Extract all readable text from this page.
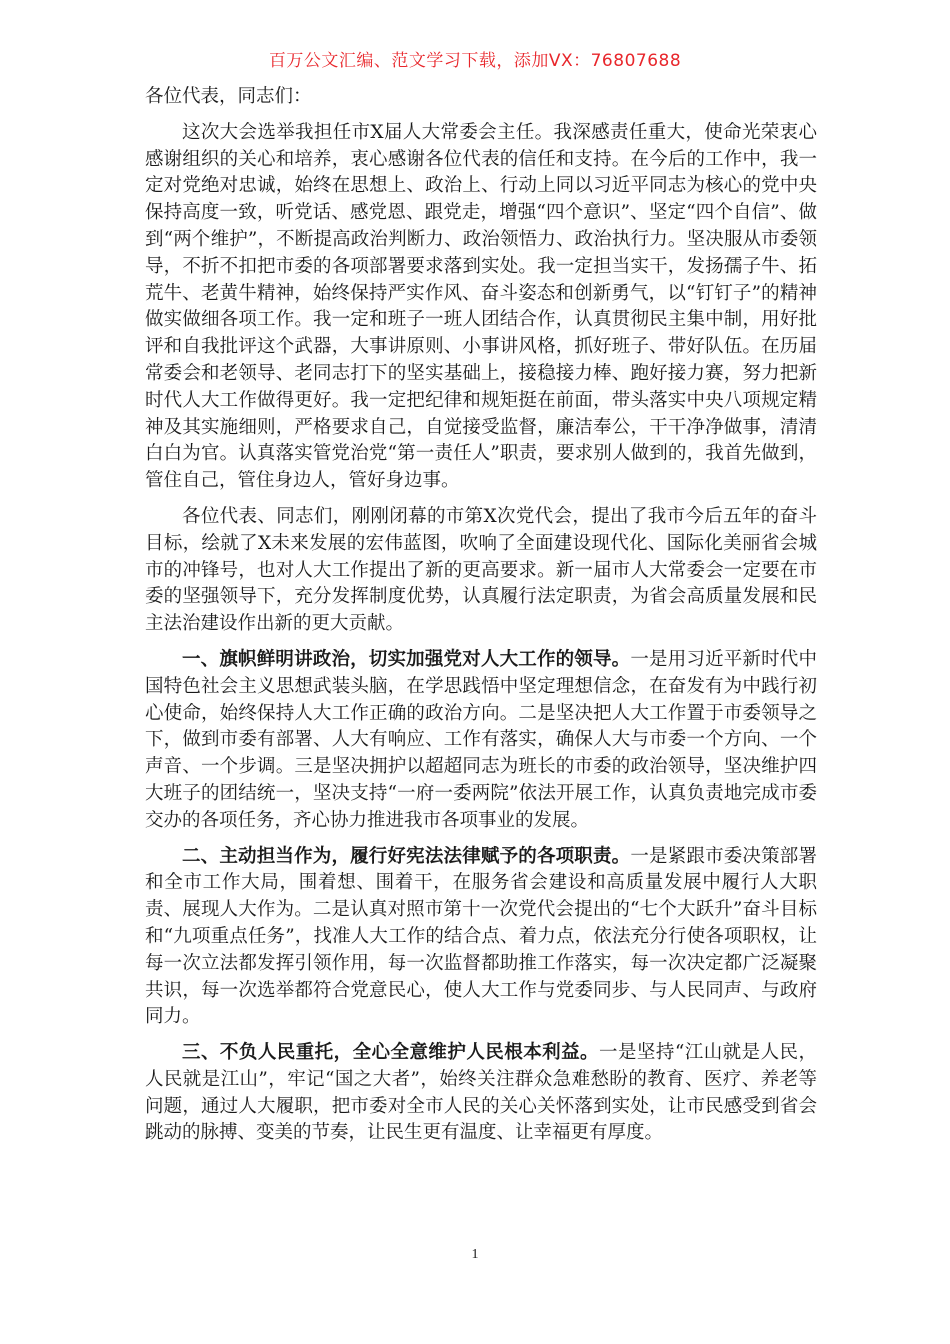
百万公文汇编、范文学习下载，添加VX：76807688

各位代表，同志们：

这次大会选举我担任市X届人大常委会主任。我深感责任重大，使命光荣衷心感谢组织的关心和培养，衷心感谢各位代表的信任和支持。在今后的工作中，我一定对党绝对忠诚，始终在思想上、政治上、行动上同以习近平同志为核心的党中央保持高度一致，听党话、感党恩、跟党走，增强“四个意识”、坚定“四个自信”、做到“两个维护”，不断提高政治判断力、政治领悟力、政治执行力。坚决服从市委领导，不折不扣把市委的各项部署要求落到实处。我一定担当实干，发扬孺子牛、拓荒牛、老黄牛精神，始终保持严实作风、奋斗姿态和创新勇气，以“钉钉子”的精神做实做细各项工作。我一定和班子一班人团结合作，认真贯彻民主集中制，用好批评和自我批评这个武器，大事讲原则、小事讲风格，抓好班子、带好队伍。在历届常委会和老领导、老同志打下的坚实基础上，接稳接力棒、跑好接力赛，努力把新时代人大工作做得更好。我一定把纪律和规矩挺在前面，带头落实中央八项规定精神及其实施细则，严格要求自己，自觉接受监督，廉洁奉公，干干净净做事，清清白白为官。认真落实管党治党“第一责任人”职责，要求别人做到的，我首先做到，管住自己，管住身边人，管好身边事。

各位代表、同志们，刚刚闭幕的市第X次党代会，提出了我市今后五年的奋斗目标，绘就了X未来发展的宏伟蓝图，吹响了全面建设现代化、国际化美丽省会城市的冲锋号，也对人大工作提出了新的更高要求。新一届市人大常委会一定要在市委的坚强领导下，充分发挥制度优势，认真履行法定职责，为省会高质量发展和民主法治建设作出新的更大贡献。

一、旗帜鲜明讲政治，切实加强党对人大工作的领导。一是用习近平新时代中国特色社会主义思想武装头脑，在学思践悟中坚定理想信念，在奋发有为中践行初心使命，始终保持人大工作正确的政治方向。二是坚决把人大工作置于市委领导之下，做到市委有部署、人大有响应、工作有落实，确保人大与市委一个方向、一个声音、一个步调。三是坚决拥护以超超同志为班长的市委的政治领导，坚决维护四大班子的团结统一，坚决支持“一府一委两院”依法开展工作，认真负责地完成市委交办的各项任务，齐心协力推进我市各项事业的发展。

二、主动担当作为，履行好宪法法律赋予的各项职责。一是紧跟市委决策部署和全市工作大局，围着想、围着干，在服务省会建设和高质量发展中履行人大职责、展现人大作为。二是认真对照市第十一次党代会提出的“七个大跃升”奋斗目标和“九项重点任务”，找准人大工作的结合点、着力点，依法充分行使各项职权，让每一次立法都发挥引领作用，每一次监督都助推工作落实，每一次决定都广泛凝聚共识，每一次选举都符合党意民心，使人大工作与党委同步、与人民同声、与政府同力。

三、不负人民重托，全心全意维护人民根本利益。一是坚持“江山就是人民，人民就是江山”，牢记“国之大者”，始终关注群众急难愁盼的教育、医疗、养老等问题，通过人大履职，把市委对全市人民的关心关怀落到实处，让市民感受到省会跳动的脉搏、变美的节奏，让民生更有温度、让幸福更有厚度。

1
